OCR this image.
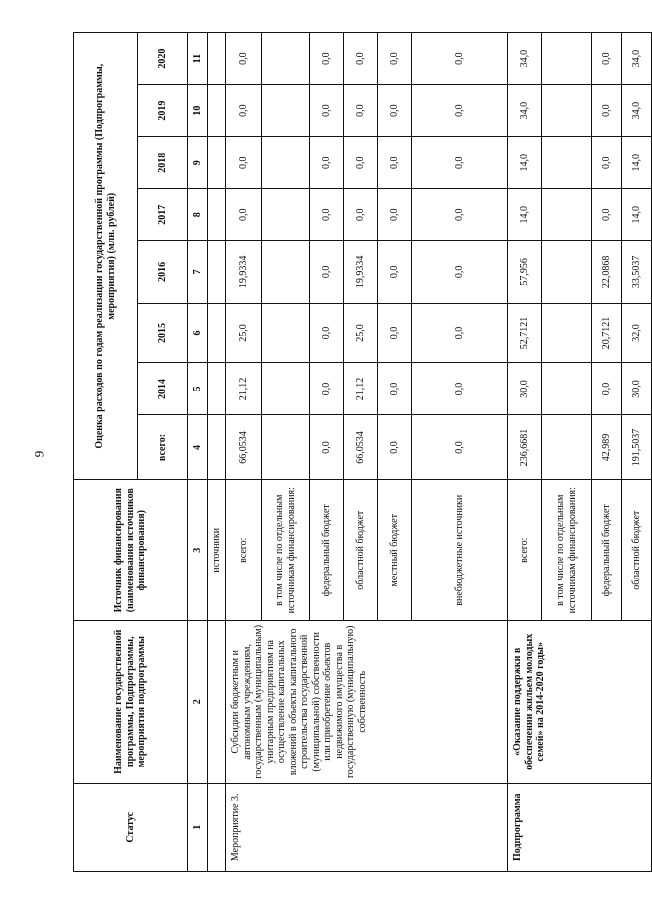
9
Статус	Наименование государственной программы, Подпрограммы, мероприятия подпрограммы	Источник финансирования (наименования источников финансирования)	Оценка расходов по годам реализации государственной программы (Подпрограммы, мероприятия) (млн. рублей)							
			всего:	2014	2015	2016	2017	2018	2019	2020
1	2	3	4	5	6	7	8	9	10	11
		источники								
Мероприятие 3.	Субсидии бюджетным и автономным учреждениям, государственным (муниципальным) унитарным предприятиям на осуществление капитальных вложений в объекты капитального строительства государственной (муниципальной) собственности или приобретение объектов недвижимого имущества в государственную (муниципальную) собственность	всего:	66,0534	21,12	25,0	19,9334	0,0	0,0	0,0	0,0
		в том числе по отдельным источникам финансирования:								
		федеральный бюджет	0,0	0,0	0,0	0,0	0,0	0,0	0,0	0,0
		областной бюджет	66,0534	21,12	25,0	19,9334	0,0	0,0	0,0	0,0
		местный бюджет	0,0	0,0	0,0	0,0	0,0	0,0	0,0	0,0
		внебюджетные источники	0,0	0,0	0,0	0,0	0,0	0,0	0,0	0,0
Подпрограмма	«Оказание поддержки в обеспечении жильем молодых семей» на 2014-2020 годы»	всего:	236,6681	30,0	52,7121	57,956	14,0	14,0	34,0	34,0
		в том числе по отдельным источникам финансирования:								
		федеральный бюджет	42,989	0,0	20,7121	22,0868	0,0	0,0	0,0	0,0
		областной бюджет	191,5037	30,0	32,0	33,5037	14,0	14,0	34,0	34,0
